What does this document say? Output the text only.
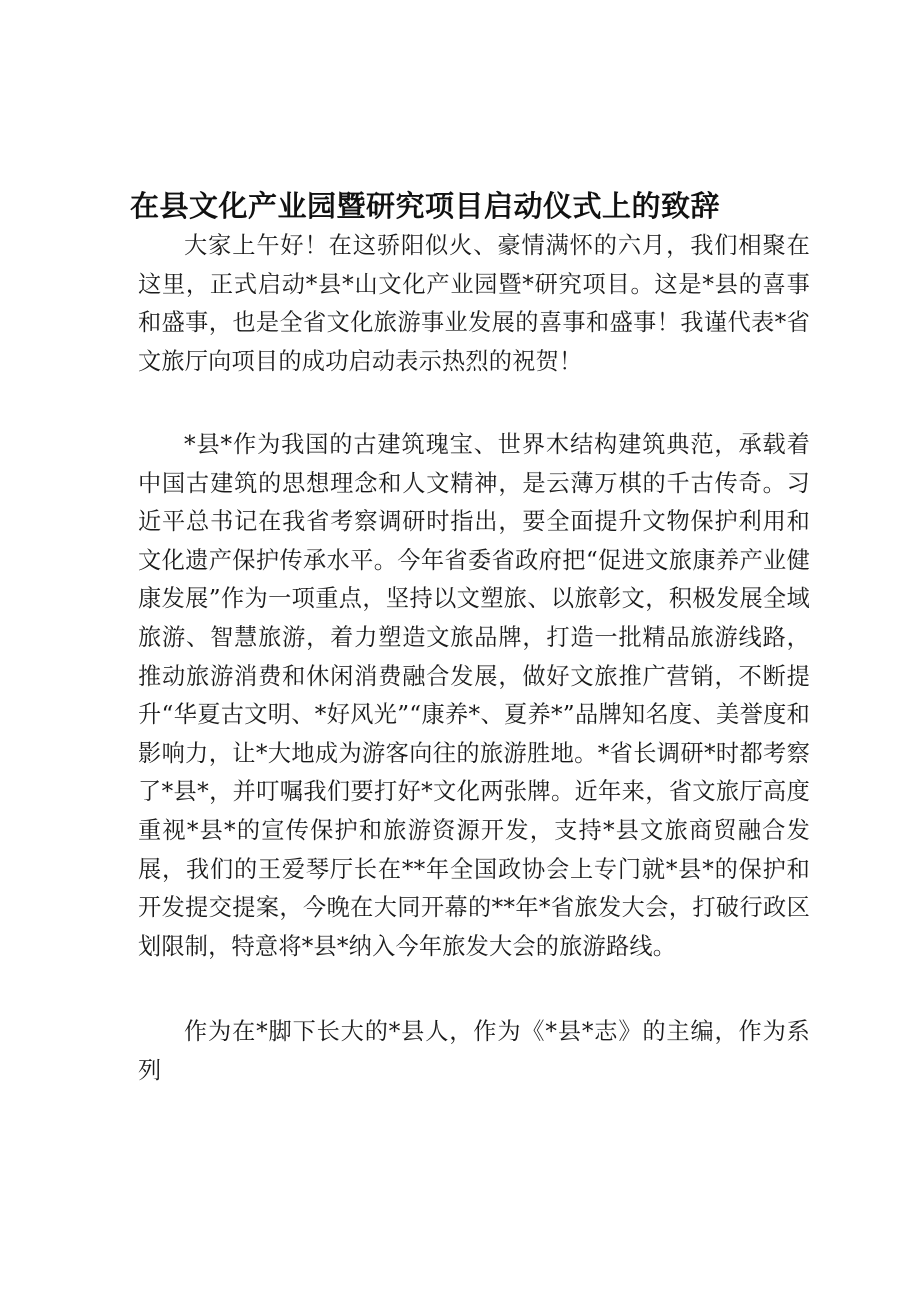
在县文化产业园暨研究项目启动仪式上的致辞

大家上午好！在这骄阳似火、豪情满怀的六月，我们相聚在这里，正式启动*县*山文化产业园暨*研究项目。这是*县的喜事和盛事，也是全省文化旅游事业发展的喜事和盛事！我谨代表*省文旅厅向项目的成功启动表示热烈的祝贺！

*县*作为我国的古建筑瑰宝、世界木结构建筑典范，承载着中国古建筑的思想理念和人文精神，是云薄万棋的千古传奇。习近平总书记在我省考察调研时指出，要全面提升文物保护利用和文化遗产保护传承水平。今年省委省政府把“促进文旅康养产业健康发展”作为一项重点，坚持以文塑旅、以旅彰文，积极发展全域旅游、智慧旅游，着力塑造文旅品牌，打造一批精品旅游线路，推动旅游消费和休闲消费融合发展，做好文旅推广营销，不断提升“华夏古文明、*好风光”“康养*、夏养*”品牌知名度、美誉度和影响力，让*大地成为游客向往的旅游胜地。*省长调研*时都考察了*县*，并叮嘱我们要打好*文化两张牌。近年来，省文旅厅高度重视*县*的宣传保护和旅游资源开发，支持*县文旅商贸融合发展，我们的王爱琴厅长在**年全国政协会上专门就*县*的保护和开发提交提案，今晚在大同开幕的**年*省旅发大会，打破行政区划限制，特意将*县*纳入今年旅发大会的旅游路线。

作为在*脚下长大的*县人，作为《*县*志》的主编，作为系列
